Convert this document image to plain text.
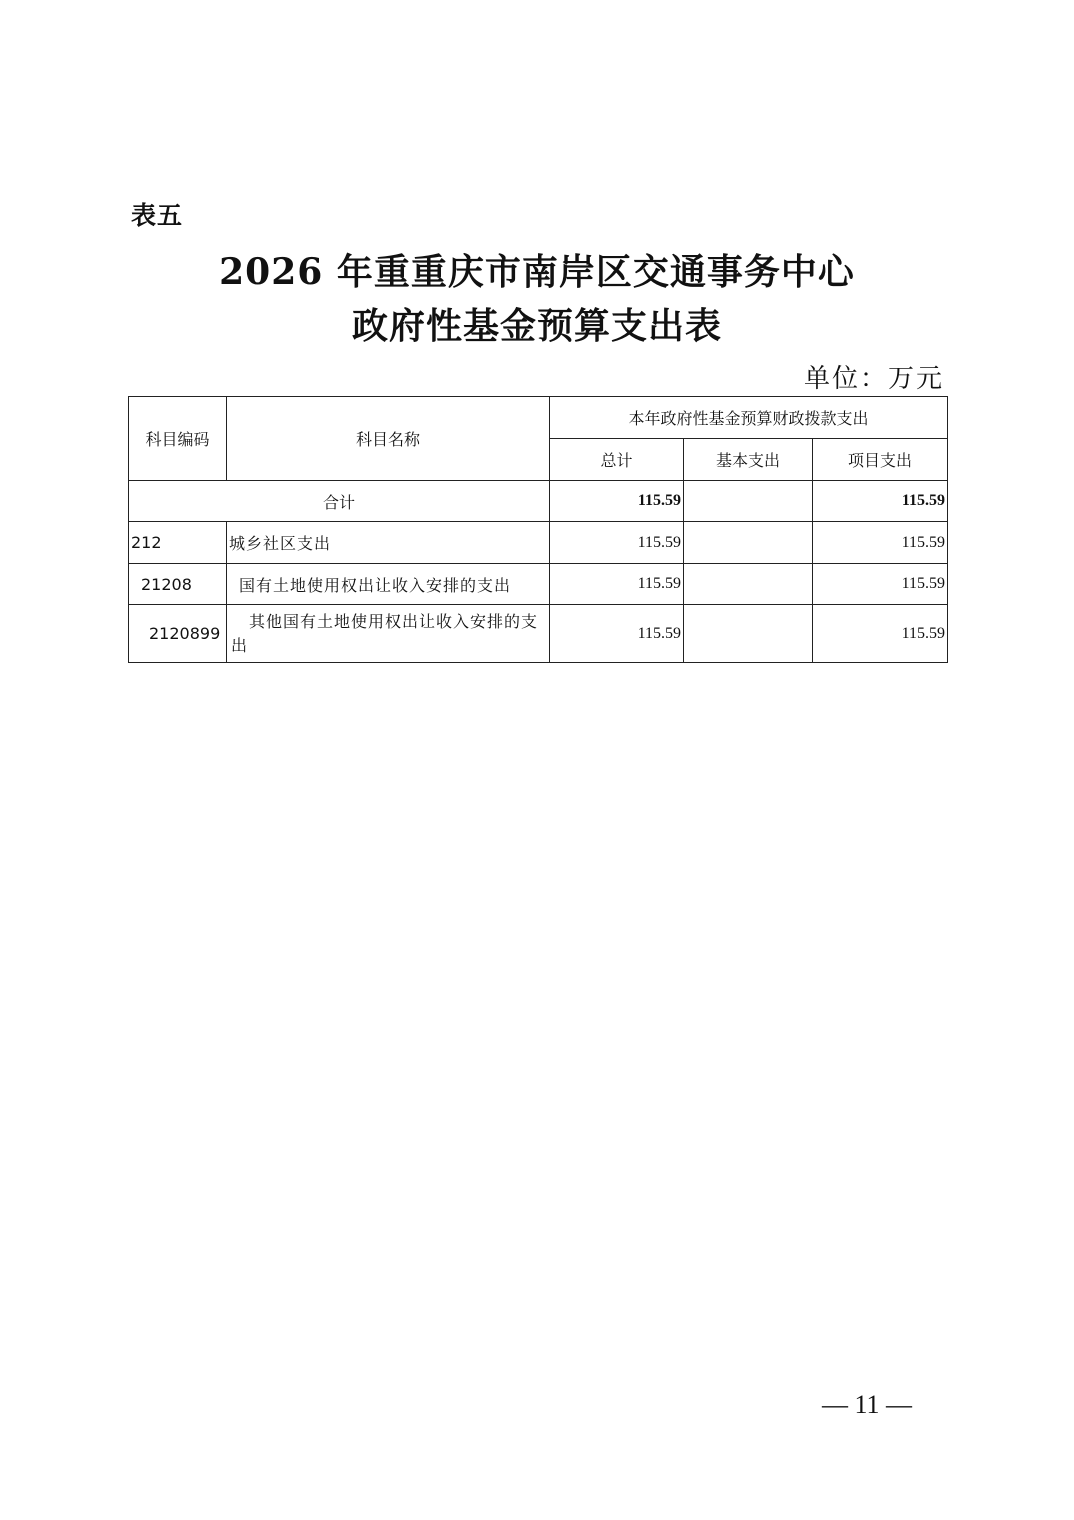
表五
2026 年重重庆市南岸区交通事务中心
政府性基金预算支出表
单位：万元
科目编码	科目名称	本年政府性基金预算财政拨款支出		
		总计	基本支出	项目支出
合计		115.59		115.59
212	城乡社区支出	115.59		115.59
21208	国有土地使用权出让收入安排的支出	115.59		115.59
2120899	其他国有土地使用权出让收入安排的支出	115.59		115.59
— 11 —
